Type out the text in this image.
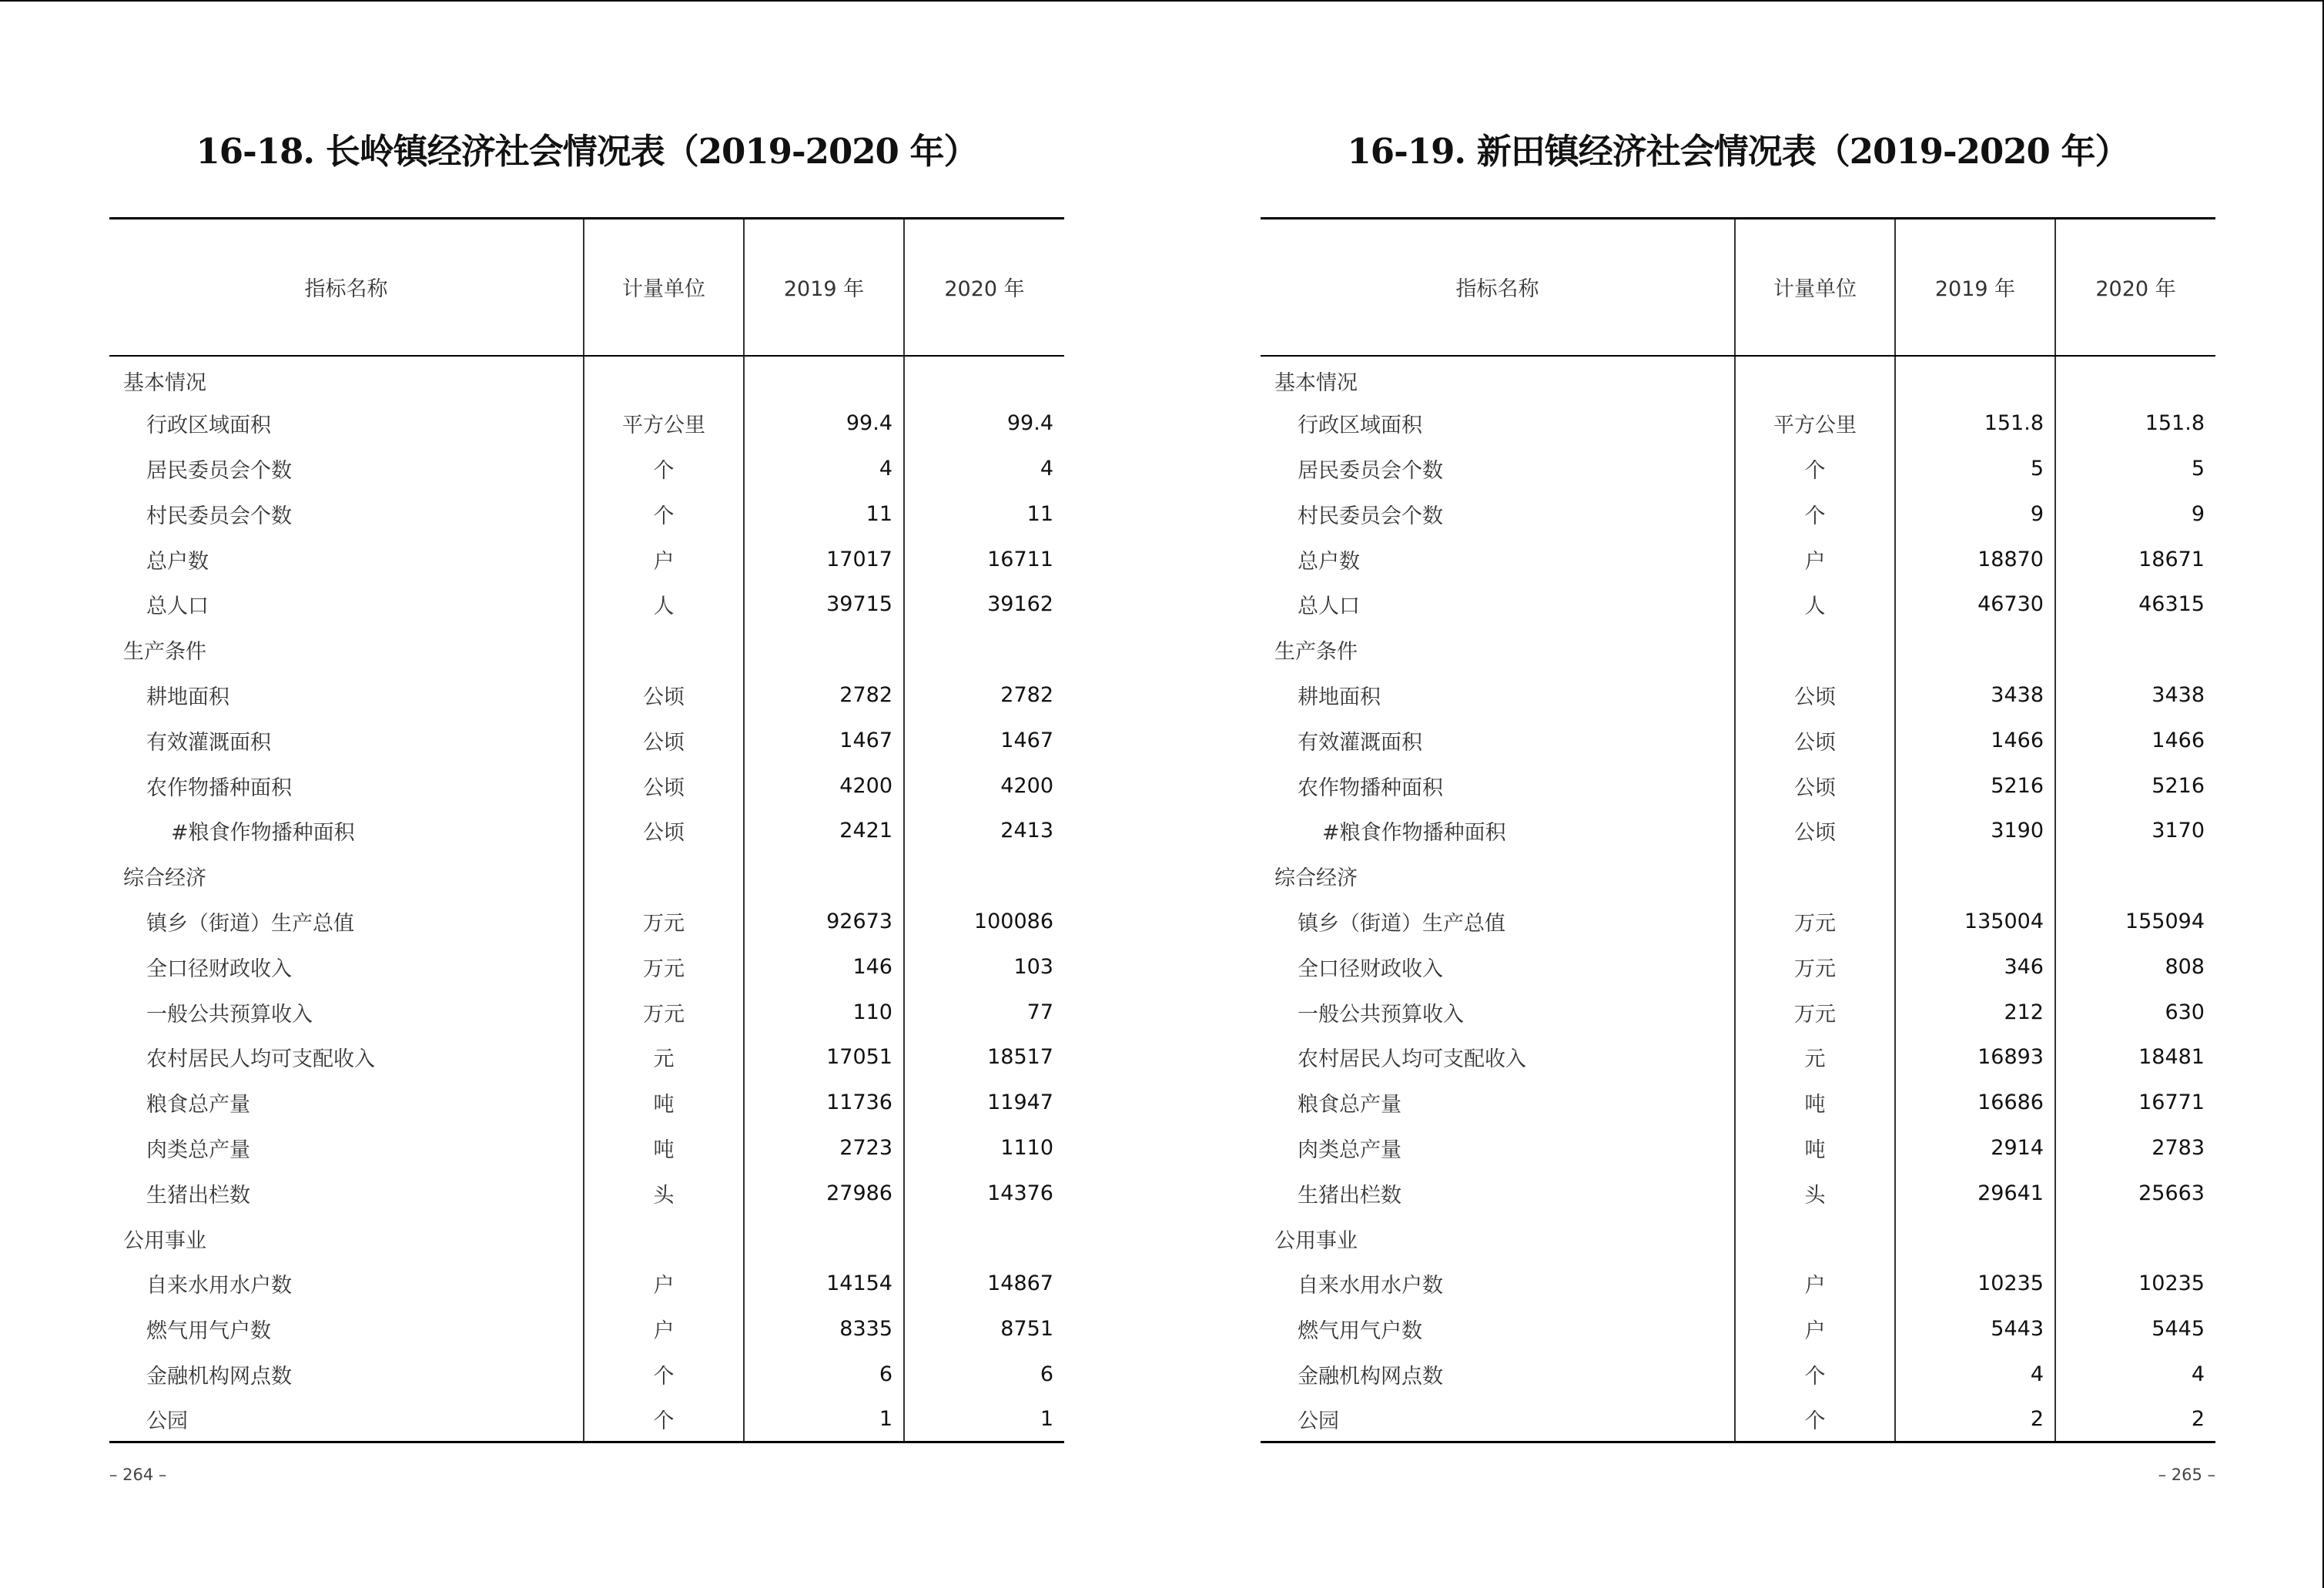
16-18. 长岭镇经济社会情况表（2019-2020 年）
指标名称	计量单位	2019 年	2020 年
基本情况			
行政区域面积	平方公里	99.4	99.4
居民委员会个数	个	4	4
村民委员会个数	个	11	11
总户数	户	17017	16711
总人口	人	39715	39162
生产条件			
耕地面积	公顷	2782	2782
有效灌溉面积	公顷	1467	1467
农作物播种面积	公顷	4200	4200
#粮食作物播种面积	公顷	2421	2413
综合经济			
镇乡（街道）生产总值	万元	92673	100086
全口径财政收入	万元	146	103
一般公共预算收入	万元	110	77
农村居民人均可支配收入	元	17051	18517
粮食总产量	吨	11736	11947
肉类总产量	吨	2723	1110
生猪出栏数	头	27986	14376
公用事业			
自来水用水户数	户	14154	14867
燃气用气户数	户	8335	8751
金融机构网点数	个	6	6
公园	个	1	1
– 264 –
16-19. 新田镇经济社会情况表（2019-2020 年）
指标名称	计量单位	2019 年	2020 年
基本情况			
行政区域面积	平方公里	151.8	151.8
居民委员会个数	个	5	5
村民委员会个数	个	9	9
总户数	户	18870	18671
总人口	人	46730	46315
生产条件			
耕地面积	公顷	3438	3438
有效灌溉面积	公顷	1466	1466
农作物播种面积	公顷	5216	5216
#粮食作物播种面积	公顷	3190	3170
综合经济			
镇乡（街道）生产总值	万元	135004	155094
全口径财政收入	万元	346	808
一般公共预算收入	万元	212	630
农村居民人均可支配收入	元	16893	18481
粮食总产量	吨	16686	16771
肉类总产量	吨	2914	2783
生猪出栏数	头	29641	25663
公用事业			
自来水用水户数	户	10235	10235
燃气用气户数	户	5443	5445
金融机构网点数	个	4	4
公园	个	2	2
– 265 –
